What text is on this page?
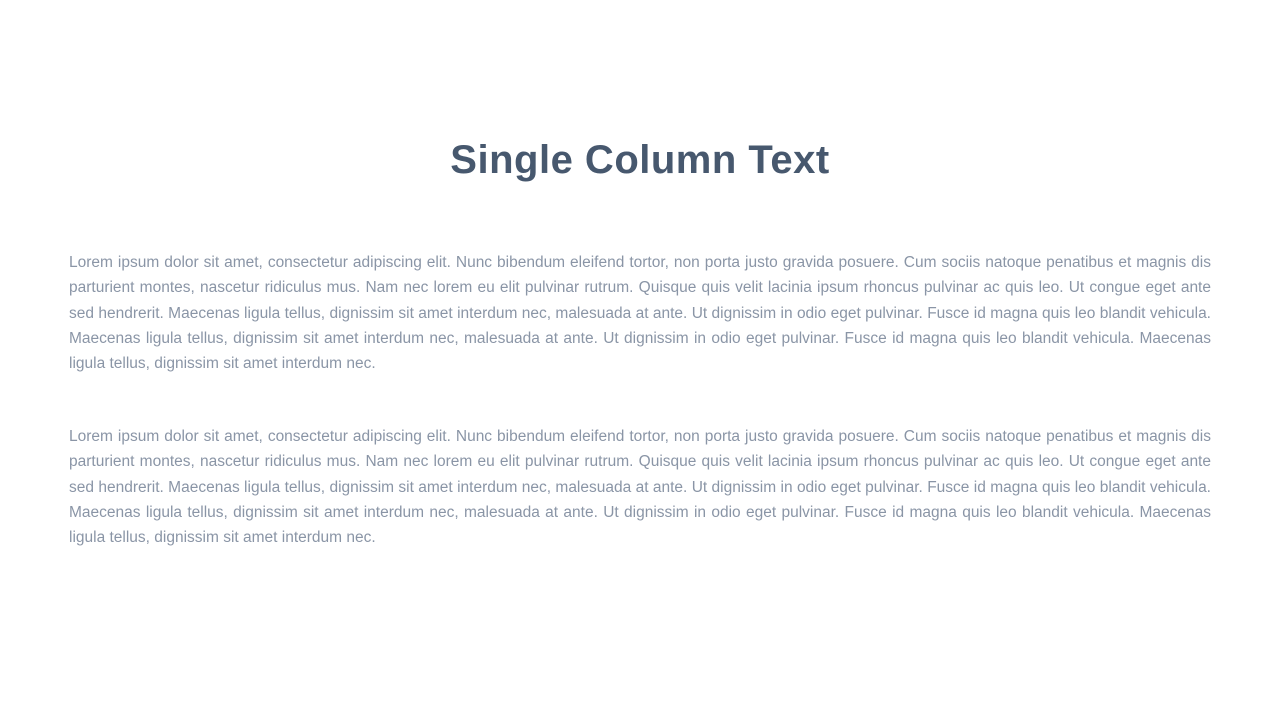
Single Column Text

Lorem ipsum dolor sit amet, consectetur adipiscing elit. Nunc bibendum eleifend tortor, non porta justo gravida posuere. Cum sociis natoque penatibus et magnis dis parturient montes, nascetur ridiculus mus. Nam nec lorem eu elit pulvinar rutrum. Quisque quis velit lacinia ipsum rhoncus pulvinar ac quis leo. Ut congue eget ante sed hendrerit. Maecenas ligula tellus, dignissim sit amet interdum nec, malesuada at ante. Ut dignissim in odio eget pulvinar. Fusce id magna quis leo blandit vehicula. Maecenas ligula tellus, dignissim sit amet interdum nec, malesuada at ante. Ut dignissim in odio eget pulvinar. Fusce id magna quis leo blandit vehicula. Maecenas ligula tellus, dignissim sit amet interdum nec.

Lorem ipsum dolor sit amet, consectetur adipiscing elit. Nunc bibendum eleifend tortor, non porta justo gravida posuere. Cum sociis natoque penatibus et magnis dis parturient montes, nascetur ridiculus mus. Nam nec lorem eu elit pulvinar rutrum. Quisque quis velit lacinia ipsum rhoncus pulvinar ac quis leo. Ut congue eget ante sed hendrerit. Maecenas ligula tellus, dignissim sit amet interdum nec, malesuada at ante. Ut dignissim in odio eget pulvinar. Fusce id magna quis leo blandit vehicula. Maecenas ligula tellus, dignissim sit amet interdum nec, malesuada at ante. Ut dignissim in odio eget pulvinar. Fusce id magna quis leo blandit vehicula. Maecenas ligula tellus, dignissim sit amet interdum nec.
